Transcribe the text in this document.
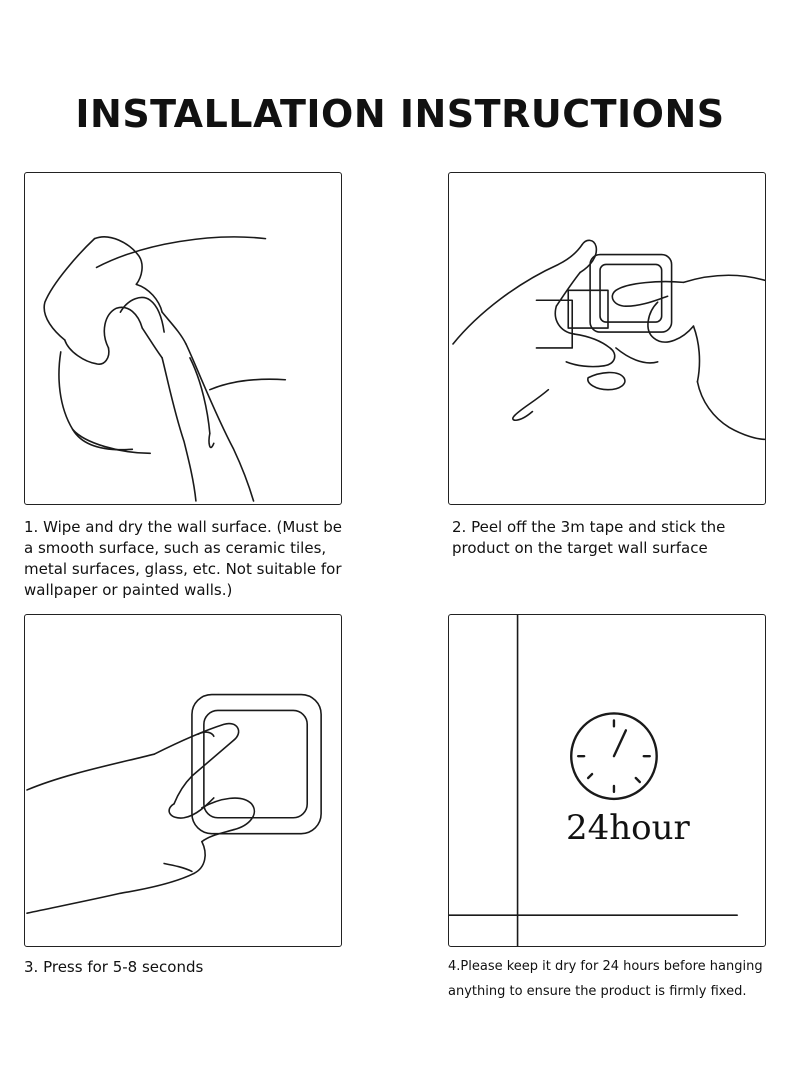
INSTALLATION INSTRUCTIONS
24hour
1. Wipe and dry the wall surface. (Must be
a smooth surface, such as ceramic tiles,
metal surfaces, glass, etc. Not suitable for
wallpaper or painted walls.)
2. Peel off the 3m tape and stick the
product on the target wall surface
3. Press for 5-8 seconds	4.Please keep it dry for 24 hours before hanging
anything to ensure the product is firmly fixed.
